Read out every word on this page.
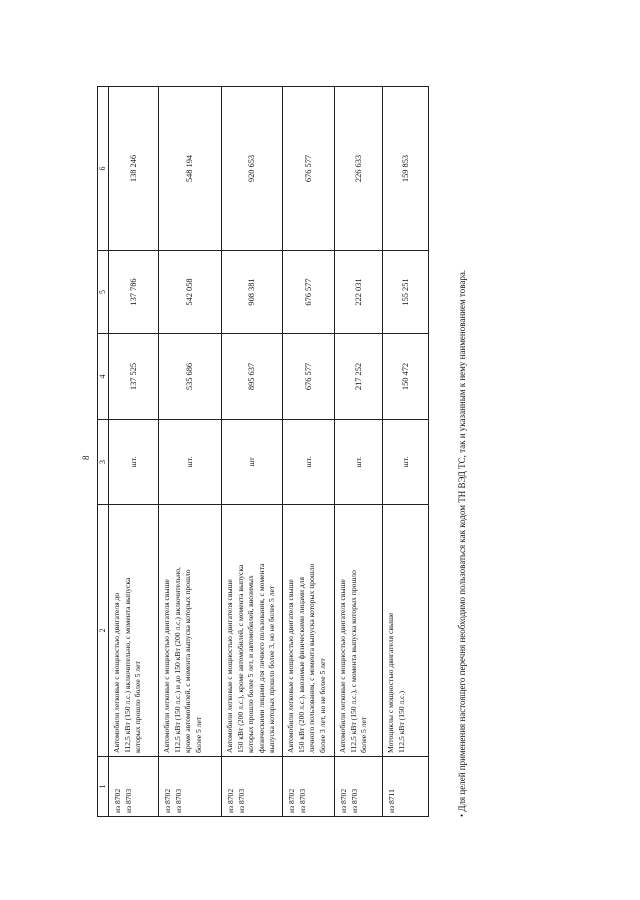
8
1	2	3	4	5	6

из 8702 из 8703	Автомобили легковые с мощностью двигателя до 112,5 кВт (150 л.с.) включительно, с момента выпуска которых прошло более 5 лет	шт.	137 525	137 786	138 246

из 8702 из 8703	Автомобили легковые с мощностью двигателя свыше 112,5 кВт (150 л.с.) и до 150 кВт (200 л.с.) включительно, кроме автомобилей, с момента выпуска которых прошло более 5 лет	шт.	535 686	542 058	548 194

из 8702 из 8703	Автомобили легковые с мощностью двигателя свыше 150 кВт (200 л.с.), кроме автомобилей, с момента выпуска которых прошло более 5 лет, и автомобилей, ввозимых физическими лицами для личного пользования, с момента выпуска которых прошло более 3, но не более 5 лет	шт	895 637	908 381	920 653

из 8702 из 8703	Автомобили легковые с мощностью двигателя свыше 150 кВт (200 л.с.), ввозимые физическими лицами для личного пользования, с момента выпуска которых прошло более 3 лет, но не более 5 лет	шт.	676 577	676 577	676 577

из 8702 из 8703	Автомобили легковые с мощностью двигателя свыше 112,5 кВт (150 л.с.), с момента выпуска которых прошло более 5 лет	шт.	217 252	222 031	226 633

из 8711	Мотоциклы с мощностью двигателя свыше 112,5 кВт (150 л.с.)	шт.	150 472	155 251	159 853
• Для целей применения настоящего перечня необходимо пользоваться как кодом ТН ВЭД ТС, так и указанным к нему наименованием товара.
